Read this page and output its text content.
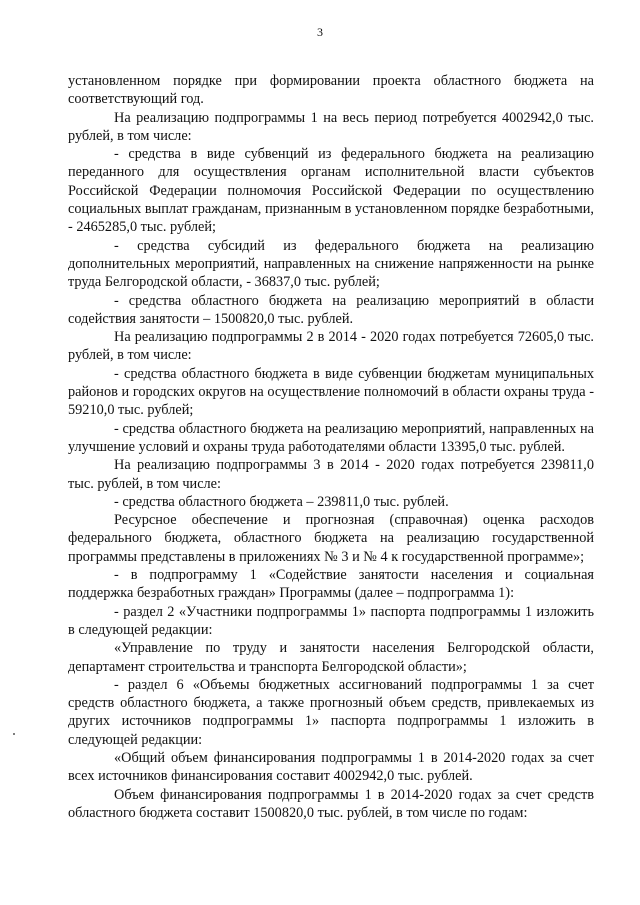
3

установленном порядке при формировании проекта областного бюджета на соответствующий год.

На реализацию подпрограммы 1 на весь период потребуется 4002942,0 тыс. рублей, в том числе:

- средства в виде субвенций из федерального бюджета на реализацию переданного для осуществления органам исполнительной власти субъектов Российской Федерации полномочия Российской Федерации по осуществлению социальных выплат гражданам, признанным в установленном порядке безработными, - 2465285,0 тыс. рублей;

- средства субсидий из федерального бюджета на реализацию дополнительных мероприятий, направленных на снижение напряженности на рынке труда Белгородской области, - 36837,0 тыс. рублей;

- средства областного бюджета на реализацию мероприятий в области содействия занятости – 1500820,0 тыс. рублей.

На реализацию подпрограммы 2 в 2014 - 2020 годах потребуется 72605,0 тыс. рублей, в том числе:

- средства областного бюджета в виде субвенции бюджетам муниципальных районов и городских округов на осуществление полномочий в области охраны труда - 59210,0 тыс. рублей;

- средства областного бюджета на реализацию мероприятий, направленных на улучшение условий и охраны труда работодателями области 13395,0 тыс. рублей.

На реализацию подпрограммы 3 в 2014 - 2020 годах потребуется 239811,0 тыс. рублей, в том числе:

- средства областного бюджета – 239811,0 тыс. рублей.

Ресурсное обеспечение и прогнозная (справочная) оценка расходов федерального бюджета, областного бюджета на реализацию государственной программы представлены в приложениях № 3 и № 4 к государственной программе»;

- в подпрограмму 1 «Содействие занятости населения и социальная поддержка безработных граждан» Программы (далее – подпрограмма 1):

- раздел 2 «Участники подпрограммы 1» паспорта подпрограммы 1 изложить в следующей редакции:

«Управление по труду и занятости населения Белгородской области, департамент строительства и транспорта Белгородской области»;

- раздел 6 «Объемы бюджетных ассигнований подпрограммы 1 за счет средств областного бюджета, а также прогнозный объем средств, привлекаемых из других источников подпрограммы 1» паспорта подпрограммы 1 изложить в следующей редакции:

«Общий объем финансирования подпрограммы 1 в 2014-2020 годах за счет всех источников финансирования составит 4002942,0 тыс. рублей.

Объем финансирования подпрограммы 1 в 2014-2020 годах за счет средств областного бюджета составит 1500820,0 тыс. рублей, в том числе по годам:
